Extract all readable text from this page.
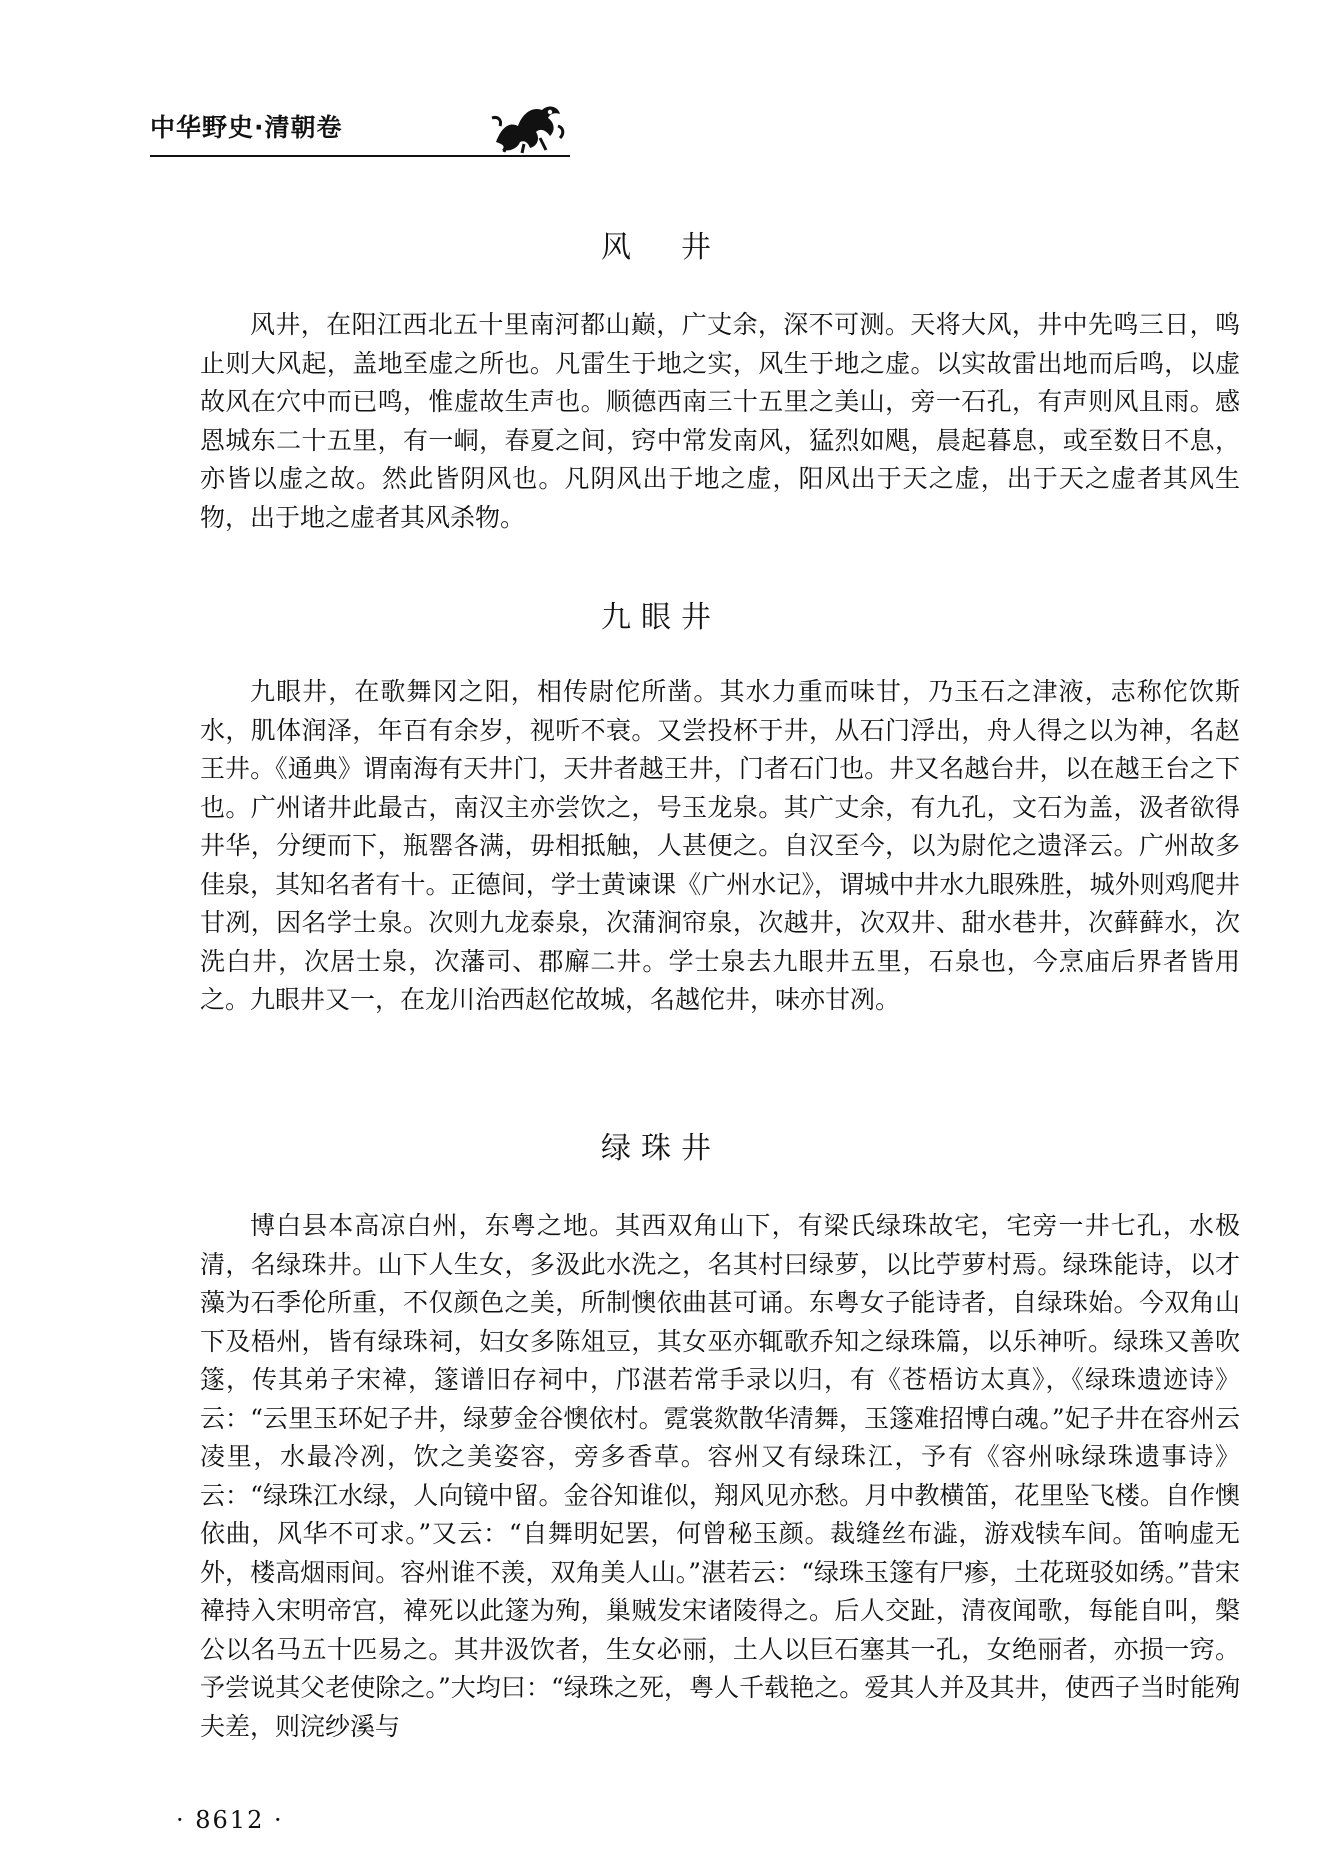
中华野史·清朝卷
风　井

风井，在阳江西北五十里南河都山巅，广丈余，深不可测。天将大风，井中先鸣三日，鸣止则大风起，盖地至虚之所也。凡雷生于地之实，风生于地之虚。以实故雷出地而后鸣，以虚故风在穴中而已鸣，惟虚故生声也。顺德西南三十五里之美山，旁一石孔，有声则风且雨。感恩城东二十五里，有一峒，春夏之间，窍中常发南风，猛烈如飓，晨起暮息，或至数日不息，亦皆以虚之故。然此皆阴风也。凡阴风出于地之虚，阳风出于天之虚，出于天之虚者其风生物，出于地之虚者其风杀物。

九眼井

九眼井，在歌舞冈之阳，相传尉佗所凿。其水力重而味甘，乃玉石之津液，志称佗饮斯水，肌体润泽，年百有余岁，视听不衰。又尝投杯于井，从石门浮出，舟人得之以为神，名赵王井。《通典》谓南海有天井门，天井者越王井，门者石门也。井又名越台井，以在越王台之下也。广州诸井此最古，南汉主亦尝饮之，号玉龙泉。其广丈余，有九孔，文石为盖，汲者欲得井华，分绠而下，瓶罂各满，毋相抵触，人甚便之。自汉至今，以为尉佗之遗泽云。广州故多佳泉，其知名者有十。正德间，学士黄谏课《广州水记》，谓城中井水九眼殊胜，城外则鸡爬井甘冽，因名学士泉。次则九龙泰泉，次蒲涧帘泉，次越井，次双井、甜水巷井，次藓藓水，次洗白井，次居士泉，次藩司、郡廨二井。学士泉去九眼井五里，石泉也，今烹庙后界者皆用之。九眼井又一，在龙川治西赵佗故城，名越佗井，味亦甘冽。

绿珠井

博白县本高凉白州，东粤之地。其西双角山下，有梁氏绿珠故宅，宅旁一井七孔，水极清，名绿珠井。山下人生女，多汲此水洗之，名其村曰绿萝，以比苧萝村焉。绿珠能诗，以才藻为石季伦所重，不仅颜色之美，所制懊依曲甚可诵。东粤女子能诗者，自绿珠始。今双角山下及梧州，皆有绿珠祠，妇女多陈俎豆，其女巫亦辄歌乔知之绿珠篇，以乐神听。绿珠又善吹篴，传其弟子宋褘，篴谱旧存祠中，邝湛若常手录以归，有《苍梧访太真》，《绿珠遗迹诗》云：“云里玉环妃子井，绿萝金谷懊依村。霓裳欻散华清舞，玉篴难招博白魂。”妃子井在容州云凌里，水最冷冽，饮之美姿容，旁多香草。容州又有绿珠江，予有《容州咏绿珠遗事诗》云：“绿珠江水绿，人向镜中留。金谷知谁似，翔风见亦愁。月中教横笛，花里坠飞楼。自作懊依曲，风华不可求。”又云：“自舞明妃罢，何曾秘玉颜。裁缝丝布澁，游戏犊车间。笛响虚无外，楼高烟雨间。容州谁不羡，双角美人山。”湛若云：“绿珠玉篴有尸瘆，土花斑驳如绣。”昔宋褘持入宋明帝宫，褘死以此篴为殉，巢贼发宋诸陵得之。后人交趾，清夜闻歌，每能自叫，槃公以名马五十匹易之。其井汲饮者，生女必丽，土人以巨石塞其一孔，女绝丽者，亦损一窍。予尝说其父老使除之。”大均曰：“绿珠之死，粤人千载艳之。爱其人并及其井，使西子当时能殉夫差，则浣纱溪与

· 8612 ·
